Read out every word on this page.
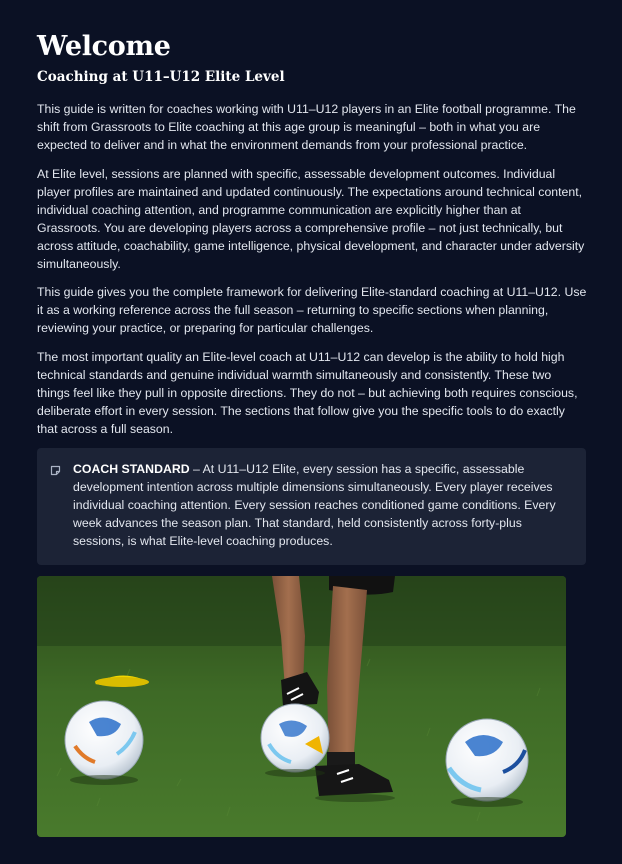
Welcome
Coaching at U11–U12 Elite Level

This guide is written for coaches working with U11–U12 players in an Elite football programme. The shift from Grassroots to Elite coaching at this age group is meaningful – both in what you are expected to deliver and in what the environment demands from your professional practice.

At Elite level, sessions are planned with specific, assessable development outcomes. Individual player profiles are maintained and updated continuously. The expectations around technical content, individual coaching attention, and programme communication are explicitly higher than at Grassroots. You are developing players across a comprehensive profile – not just technically, but across attitude, coachability, game intelligence, physical development, and character under adversity simultaneously.

This guide gives you the complete framework for delivering Elite-standard coaching at U11–U12. Use it as a working reference across the full season – returning to specific sections when planning, reviewing your practice, or preparing for particular challenges.

The most important quality an Elite-level coach at U11–U12 can develop is the ability to hold high technical standards and genuine individual warmth simultaneously and consistently. These two things feel like they pull in opposite directions. They do not – but achieving both requires conscious, deliberate effort in every session. The sections that follow give you the specific tools to do exactly that across a full season.

COACH STANDARD – At U11–U12 Elite, every session has a specific, assessable development intention across multiple dimensions simultaneously. Every player receives individual coaching attention. Every session reaches conditioned game conditions. Every week advances the season plan. That standard, held consistently across forty-plus sessions, is what Elite-level coaching produces.
